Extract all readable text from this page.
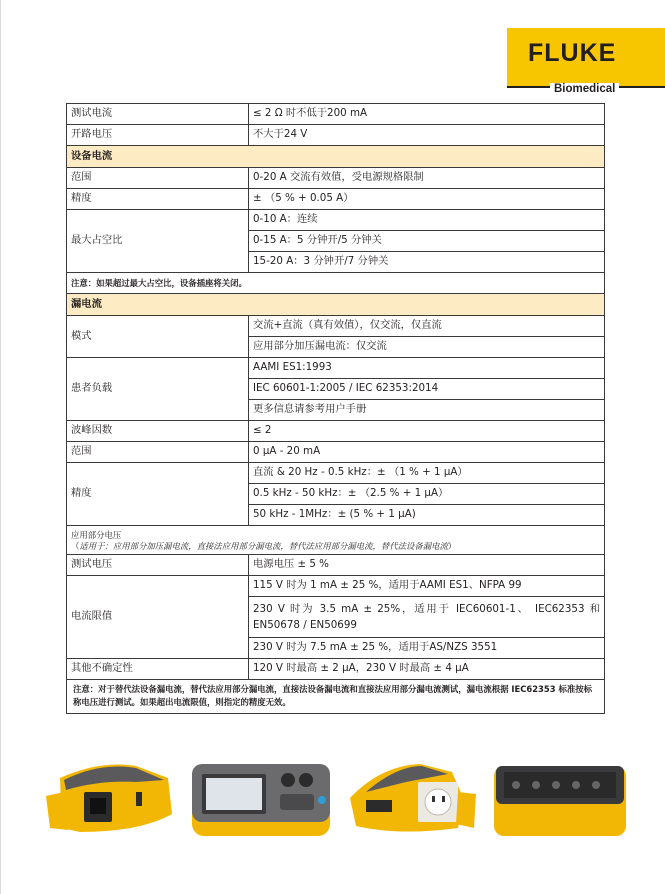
FLUKE
Biomedical
测试电流	≤ 2 Ω 时不低于200 mA
开路电压	不大于24 V
设备电流	
范围	0-20 A 交流有效值，受电源规格限制
精度	± （5 % + 0.05 A）
最大占空比	0-10 A：连续
	0-15 A：5 分钟开/5 分钟关
	15-20 A：3 分钟开/7 分钟关
注意：如果超过最大占空比，设备插座将关闭。	
漏电流	
模式	交流+直流（真有效值），仅交流，仅直流
	应用部分加压漏电流：仅交流
患者负载	AAMI ES1:1993
	IEC 60601-1:2005 / IEC 62353:2014
	更多信息请参考用户手册
波峰因数	≤ 2
范围	0 μA - 20 mA
精度	直流 & 20 Hz - 0.5 kHz：± （1 % + 1 μA）
	0.5 kHz - 50 kHz：± （2.5 % + 1 μA）
	50 kHz - 1MHz：± (5 % + 1 μA)

应用部分电压
（适用于：应用部分加压漏电流，直接法应用部分漏电流，替代法应用部分漏电流，替代法设备漏电流）	

测试电压	电源电压 ± 5 %
电流限值	115 V 时为 1 mA ± 25 %，适用于AAMI ES1、NFPA 99
	230 V 时为 3.5 mA ± 25%，适用于 IEC60601-1、 IEC62353 和 EN50678 / EN50699
	230 V 时为 7.5 mA ± 25 %，适用于AS/NZS 3551
其他不确定性	120 V 时最高 ± 2 μA，230 V 时最高 ± 4 μA
注意：对于替代法设备漏电流，替代法应用部分漏电流，直接法设备漏电流和直接法应用部分漏电流测试，漏电流根据 IEC62353 标准按标称电压进行测试。如果超出电流限值，则指定的精度无效。	
